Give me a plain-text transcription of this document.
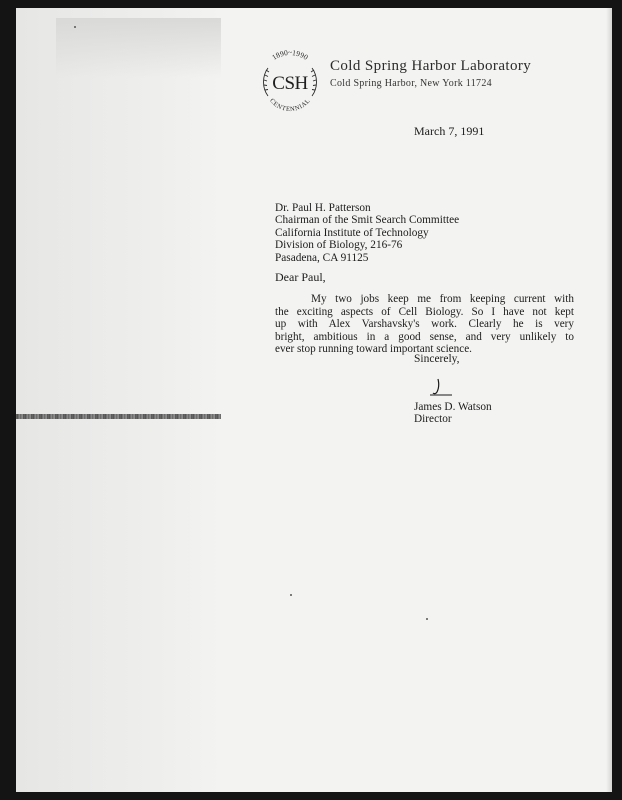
1890~1990
CSH
CENTENNIAL
Cold Spring Harbor Laboratory
Cold Spring Harbor, New York 11724
March 7, 1991
Dr. Paul H. Patterson
Chairman of the Smit Search Committee
California Institute of Technology
Division of Biology, 216-76
Pasadena, CA 91125
Dear Paul,
My two jobs keep me from keeping current with
the exciting aspects of Cell Biology. So I have not kept
up with Alex Varshavsky's work. Clearly he is very
bright, ambitious in a good sense, and very unlikely to
ever stop running toward important science.
Sincerely,
James D. Watson
Director
